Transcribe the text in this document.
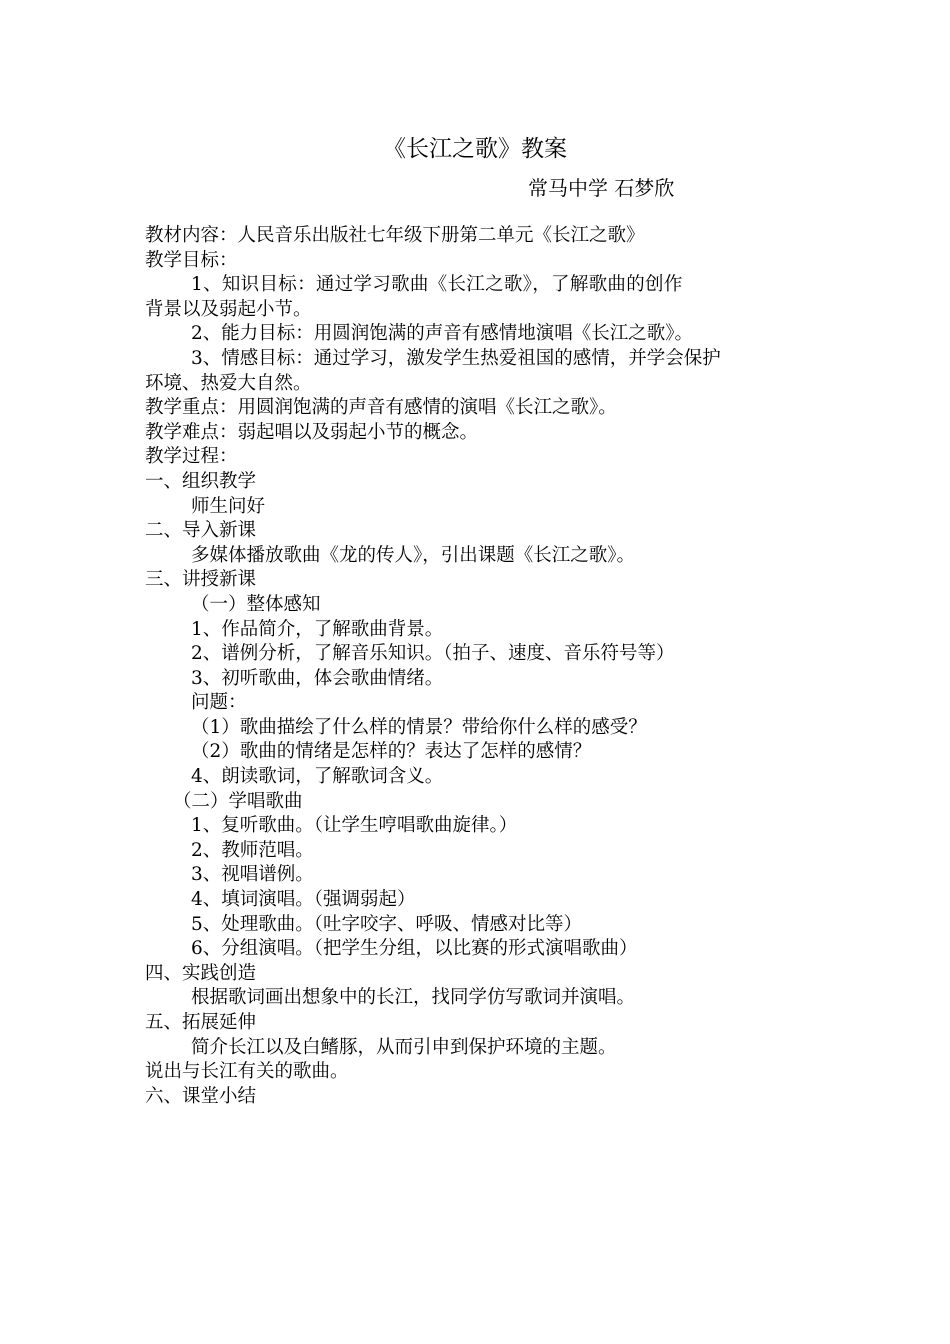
《长江之歌》教案
常马中学 石梦欣

教材内容：人民音乐出版社七年级下册第二单元《长江之歌》

教学目标：

1、知识目标：通过学习歌曲《长江之歌》，了解歌曲的创作

背景以及弱起小节。

2、能力目标：用圆润饱满的声音有感情地演唱《长江之歌》。

3、情感目标：通过学习，激发学生热爱祖国的感情，并学会保护

环境、热爱大自然。

教学重点：用圆润饱满的声音有感情的演唱《长江之歌》。

教学难点：弱起唱以及弱起小节的概念。

教学过程：

一、组织教学

师生问好

二、导入新课

多媒体播放歌曲《龙的传人》，引出课题《长江之歌》。

三、讲授新课

（一）整体感知

1、作品简介，了解歌曲背景。

2、谱例分析，了解音乐知识。（拍子、速度、音乐符号等）

3、初听歌曲，体会歌曲情绪。

问题：

（1）歌曲描绘了什么样的情景？带给你什么样的感受？

（2）歌曲的情绪是怎样的？表达了怎样的感情？

4、朗读歌词，了解歌词含义。

（二）学唱歌曲

1、复听歌曲。（让学生哼唱歌曲旋律。）

2、教师范唱。

3、视唱谱例。

4、填词演唱。（强调弱起）

5、处理歌曲。（吐字咬字、呼吸、情感对比等）

6、分组演唱。（把学生分组，以比赛的形式演唱歌曲）

四、实践创造

根据歌词画出想象中的长江，找同学仿写歌词并演唱。

五、拓展延伸

简介长江以及白鳍豚，从而引申到保护环境的主题。

说出与长江有关的歌曲。

六、课堂小结
